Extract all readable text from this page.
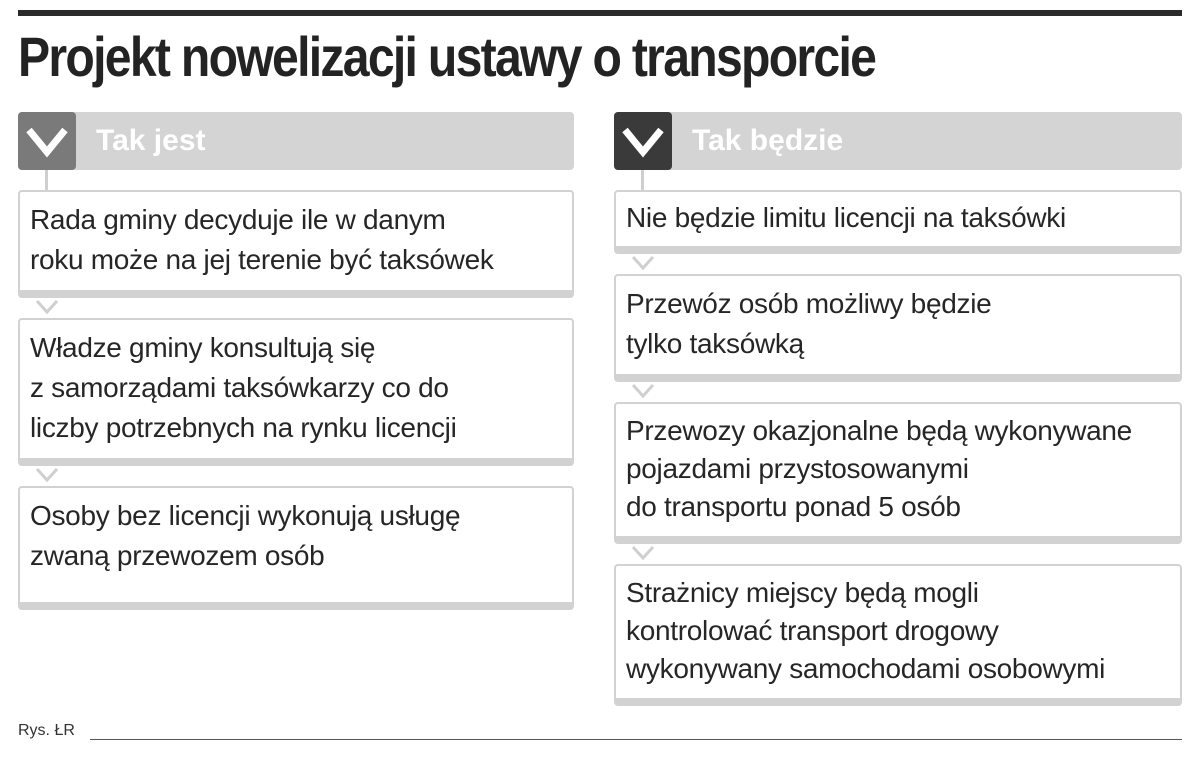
Projekt nowelizacji ustawy o transporcie
Tak jest
Rada gminy decyduje ile w danym
roku może na jej terenie być taksówek
Władze gminy konsultują się
z samorządami taksówkarzy co do
liczby potrzebnych na rynku licencji
Osoby bez licencji wykonują usługę
zwaną przewozem osób
Tak będzie
Nie będzie limitu licencji na taksówki
Przewóz osób możliwy będzie
tylko taksówką
Przewozy okazjonalne będą wykonywane
pojazdami przystosowanymi
do transportu ponad 5 osób
Strażnicy miejscy będą mogli
kontrolować transport drogowy
wykonywany samochodami osobowymi
Rys. ŁR
